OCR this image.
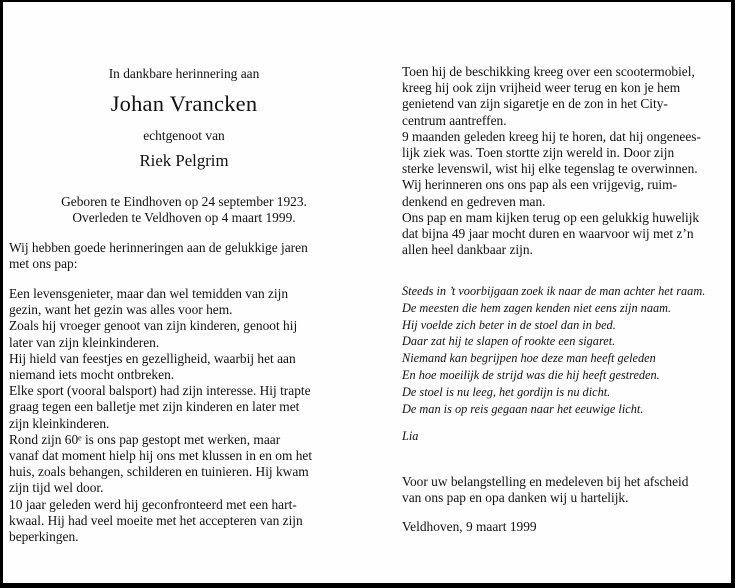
In dankbare herinnering aan
Johan Vrancken
echtgenoot van
Riek Pelgrim
Geboren te Eindhoven op 24 september 1923.
Overleden te Veldhoven op 4 maart 1999.
Wij hebben goede herinneringen aan de gelukkige jaren
met ons pap:
Een levensgenieter, maar dan wel temidden van zijn
gezin, want het gezin was alles voor hem.
Zoals hij vroeger genoot van zijn kinderen, genoot hij
later van zijn kleinkinderen.
Hij hield van feestjes en gezelligheid, waarbij het aan
niemand iets mocht ontbreken.
Elke sport (vooral balsport) had zijn interesse. Hij trapte
graag tegen een balletje met zijn kinderen en later met
zijn kleinkinderen.
Rond zijn 60ᵉ is ons pap gestopt met werken, maar
vanaf dat moment hielp hij ons met klussen in en om het
huis, zoals behangen, schilderen en tuinieren. Hij kwam
zijn tijd wel door.
10 jaar geleden werd hij geconfronteerd met een hart-
kwaal. Hij had veel moeite met het accepteren van zijn
beperkingen.
Toen hij de beschikking kreeg over een scootermobiel,
kreeg hij ook zijn vrijheid weer terug en kon je hem
genietend van zijn sigaretje en de zon in het City-
centrum aantreffen.
9 maanden geleden kreeg hij te horen, dat hij ongenees-
lijk ziek was. Toen stortte zijn wereld in. Door zijn
sterke levenswil, wist hij elke tegenslag te overwinnen.
Wij herinneren ons ons pap als een vrijgevig, ruim-
denkend en gedreven man.
Ons pap en mam kijken terug op een gelukkig huwelijk
dat bijna 49 jaar mocht duren en waarvoor wij met z’n
allen heel dankbaar zijn.
Steeds in ’t voorbijgaan zoek ik naar de man achter het raam.
De meesten die hem zagen kenden niet eens zijn naam.
Hij voelde zich beter in de stoel dan in bed.
Daar zat hij te slapen of rookte een sigaret.
Niemand kan begrijpen hoe deze man heeft geleden
En hoe moeilijk de strijd was die hij heeft gestreden.
De stoel is nu leeg, het gordijn is nu dicht.
De man is op reis gegaan naar het eeuwige licht.
Lia
Voor uw belangstelling en medeleven bij het afscheid
van ons pap en opa danken wij u hartelijk.
Veldhoven, 9 maart 1999
